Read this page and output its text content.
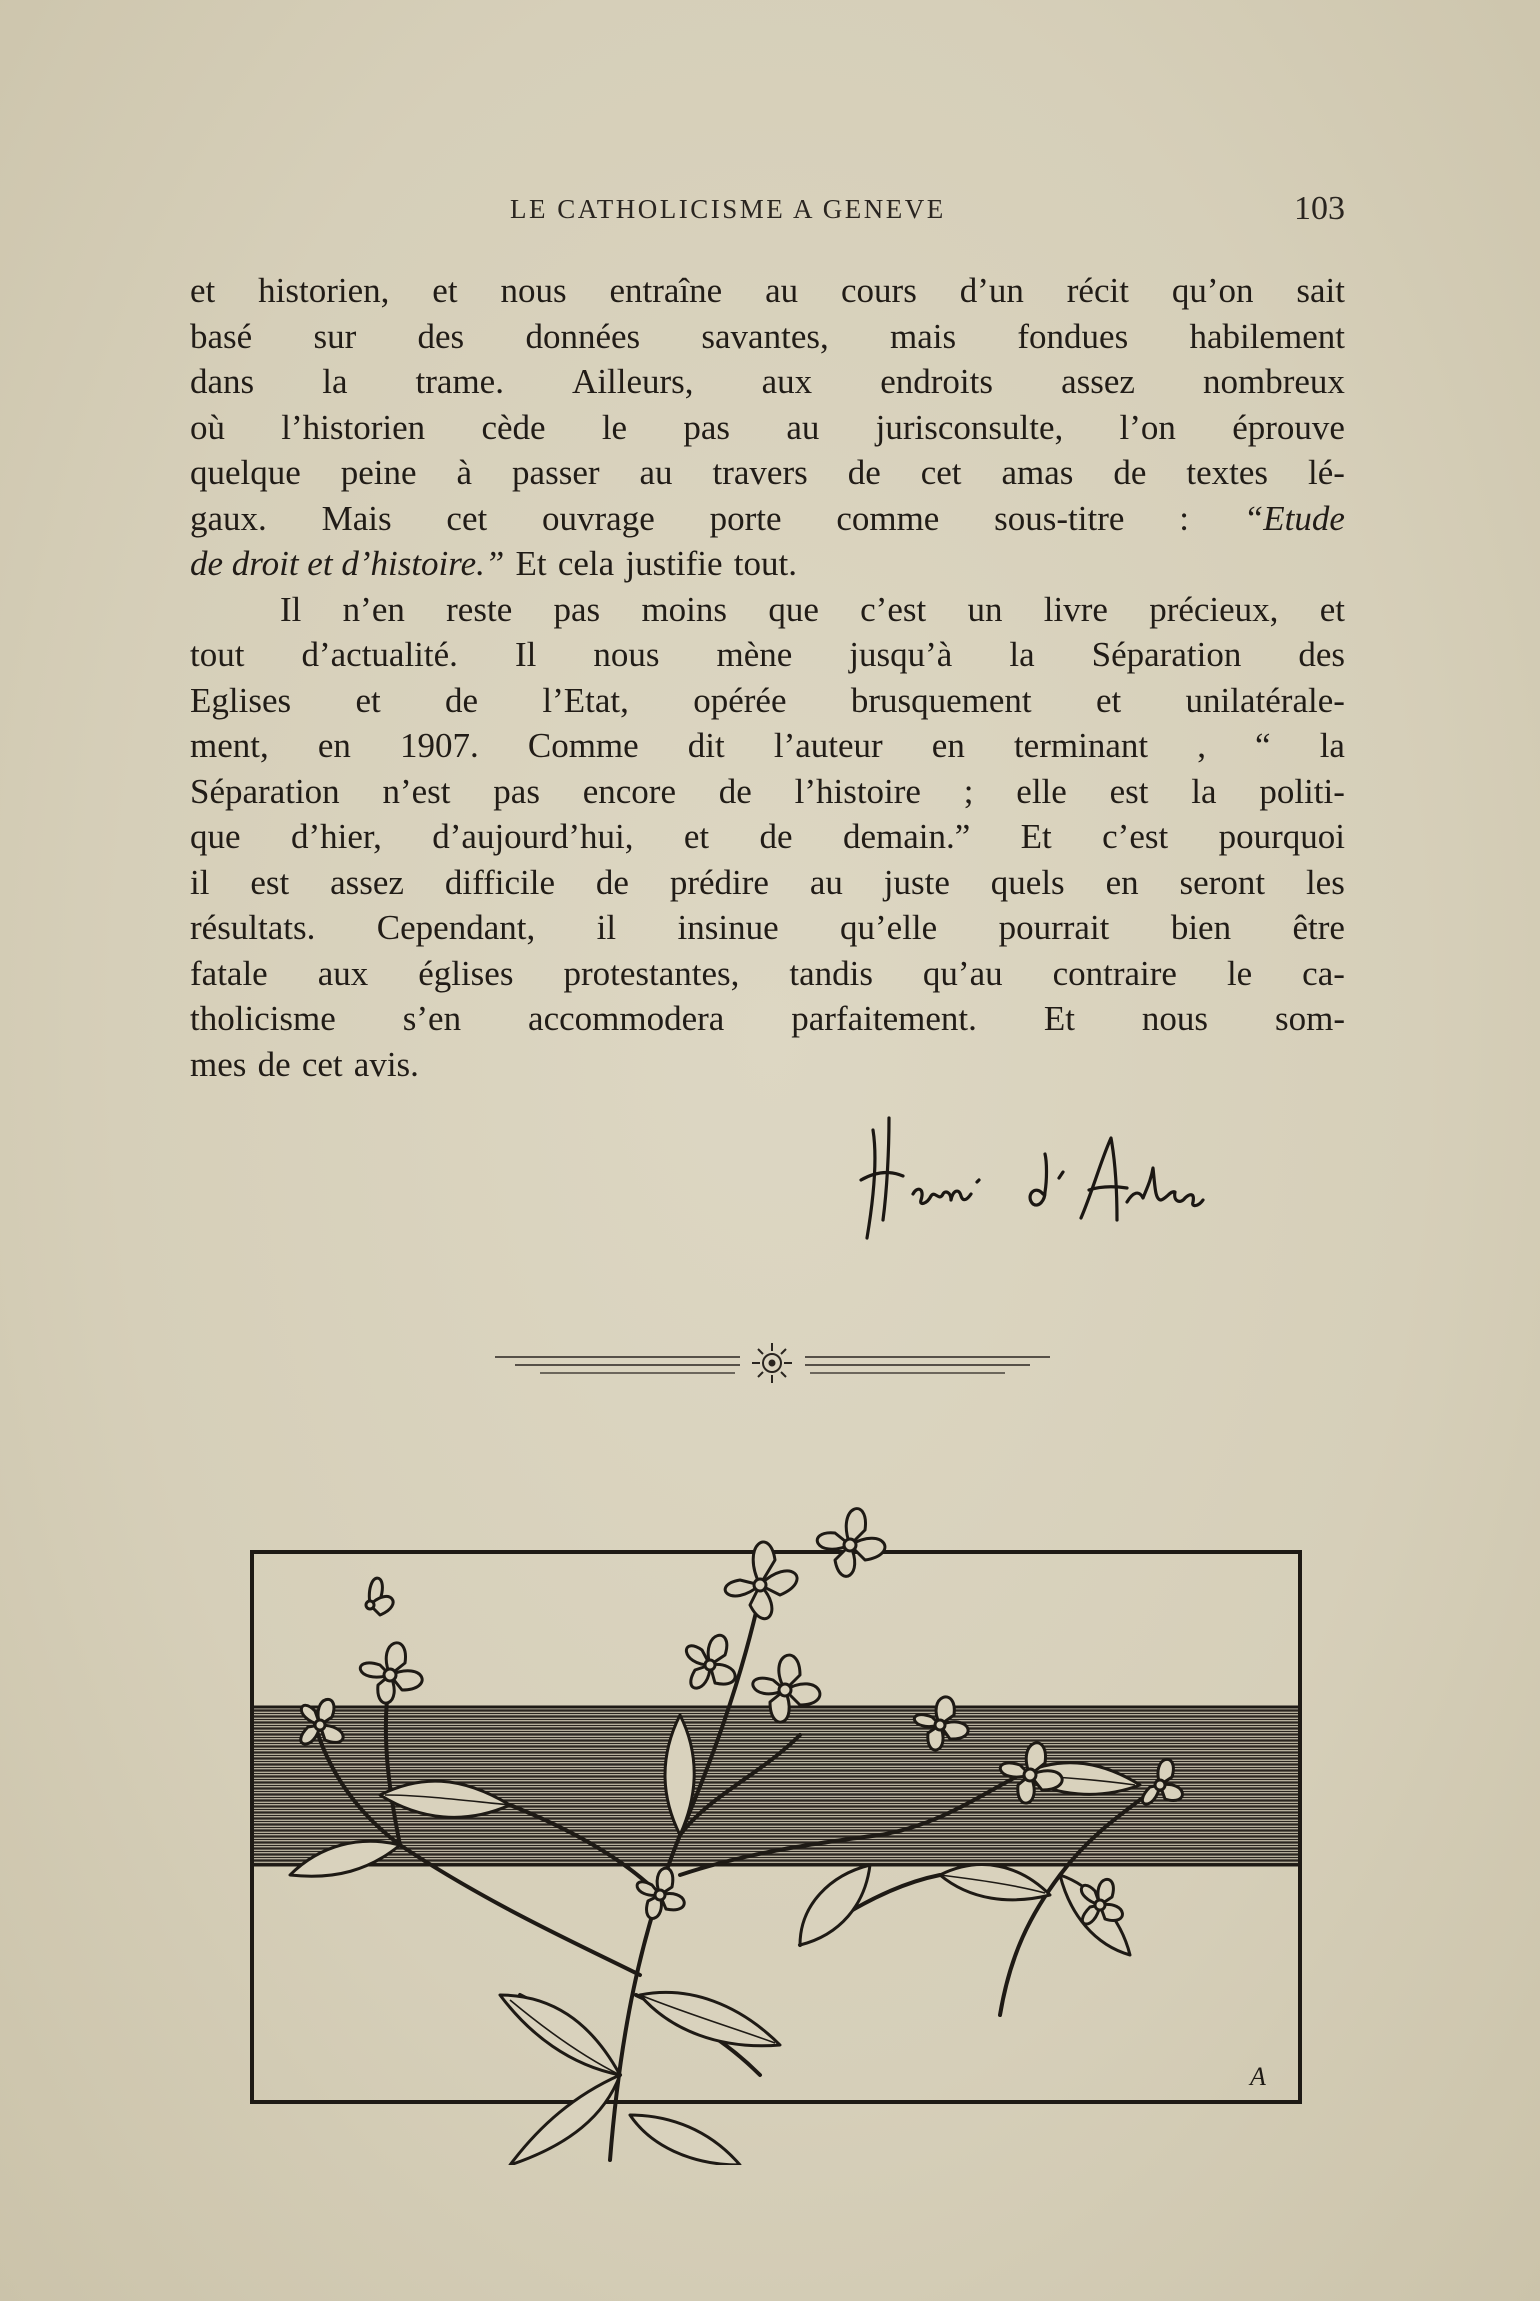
LE CATHOLICISME A GENEVE	103
et historien, et nous entraîne au cours d’un récit qu’on sait
basé sur des données savantes, mais fondues habilement
dans la trame. Ailleurs, aux endroits assez nombreux
où l’historien cède le pas au jurisconsulte, l’on éprouve
quelque peine à passer au travers de cet amas de textes lé-
gaux. Mais cet ouvrage porte comme sous-titre : “Etude
de droit et d’histoire.” Et cela justifie tout.
Il n’en reste pas moins que c’est un livre précieux, et
tout d’actualité. Il nous mène jusqu’à la Séparation des
Eglises et de l’Etat, opérée brusquement et unilatérale-
ment, en 1907. Comme dit l’auteur en terminant , “ la
Séparation n’est pas encore de l’histoire ; elle est la politi-
que d’hier, d’aujourd’hui, et de demain.” Et c’est pourquoi
il est assez difficile de prédire au juste quels en seront les
résultats. Cependant, il insinue qu’elle pourrait bien être
fatale aux églises protestantes, tandis qu’au contraire le ca-
tholicisme s’en accommodera parfaitement. Et nous som-
mes de cet avis.
A
